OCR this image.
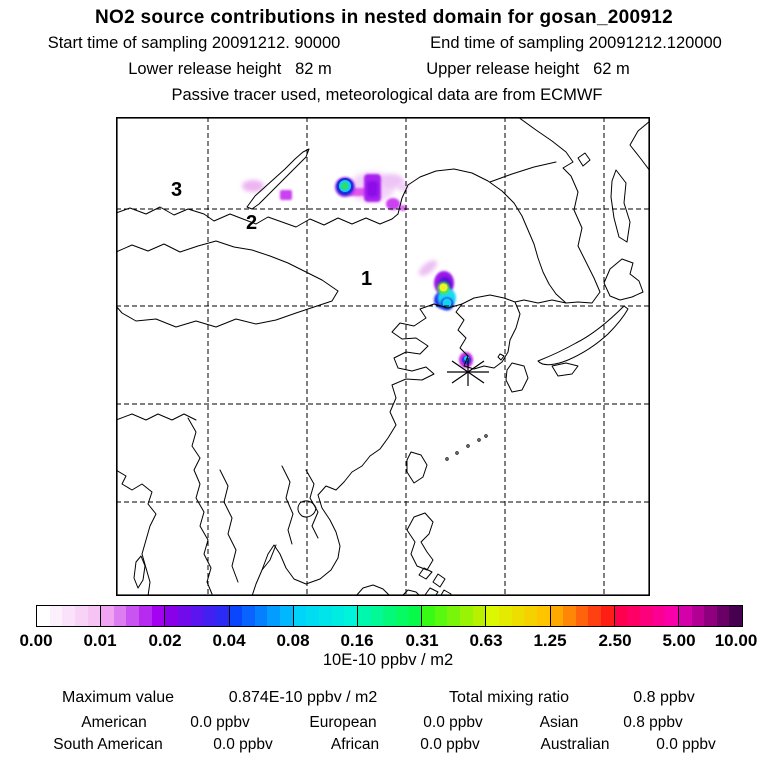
NO2 source contributions in nested domain for gosan_200912
Start time of sampling 20091212. 90000	End time of sampling 20091212.120000
Lower release height   82 m	Upper release height   62 m
Passive tracer used, meteorological data are from ECMWF
1
2
3
0.00 0.01 0.02 0.04 0.08 0.16 0.31 0.63 1.25 2.50 5.00 10.00
10E-10 ppbv / m2
Maximum value	0.874E-10 ppbv / m2	Total mixing ratio	0.8 ppbv
American	0.0 ppbv	European	0.0 ppbv	Asian	0.8 ppbv
South American	0.0 ppbv	African	0.0 ppbv	Australian	0.0 ppbv
